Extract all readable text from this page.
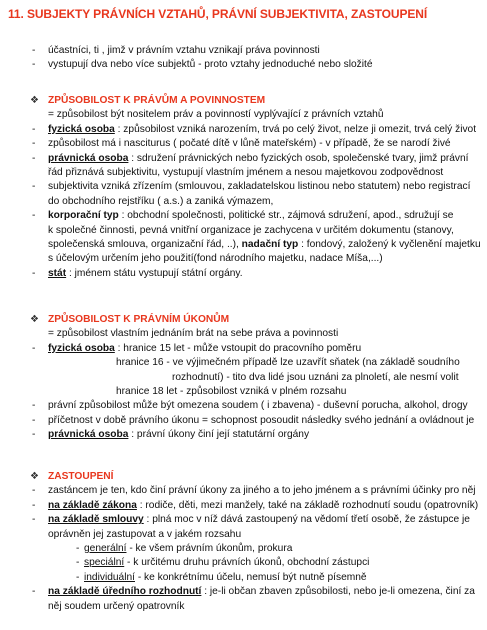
11. SUBJEKTY PRÁVNÍCH VZTAHŮ, PRÁVNÍ SUBJEKTIVITA, ZASTOUPENÍ
- účastníci, ti , jimž v právním vztahu vznikají práva povinnosti
- vystupují dva nebo více subjektů - proto vztahy jednoduché nebo složité
❖ ZPŮSOBILOST K PRÁVŮM A POVINNOSTEM
= způsobilost být nositelem práv a povinností vyplývající z právních vztahů
- fyzická osoba : způsobilost vzniká narozením, trvá po celý život, nelze ji omezit, trvá celý život
- způsobilost má i nasciturus ( počaté dítě v lůně mateřském) - v případě, že se narodí živé
- právnická osoba : sdružení právnických nebo fyzických osob, společenské tvary, jimž právní
řád přiznává subjektivitu, vystupují vlastním jménem a nesou majetkovou zodpovědnost
- subjektivita vzniká zřízením (smlouvou, zakladatelskou listinou nebo statutem) nebo registrací
do obchodního rejstříku ( a.s.) a zaniká výmazem,
- korporační typ : obchodní společnosti, politické str., zájmová sdružení, apod., sdružují se
k společné činnosti, pevná vnitřní organizace je zachycena v určitém dokumentu (stanovy,
společenská smlouva, organizační řád, ..), nadační typ : fondový, založený k vyčlenění majetku
s účelovým určením jeho použití(fond národního majetku, nadace Míša,...)
- stát : jménem státu vystupují státní orgány.
❖ ZPŮSOBILOST K PRÁVNÍM ÚKONŮM
= způsobilost vlastním jednáním brát na sebe práva a povinnosti
- fyzická osoba : hranice 15 let - může vstoupit do pracovního poměru
hranice 16 - ve výjimečném případě lze uzavřít sňatek (na základě soudního
rozhodnutí) - tito dva lidé jsou uznáni za plnoletí, ale nesmí volit
hranice 18 let - způsobilost vzniká v plném rozsahu
- právní způsobilost může být omezena soudem ( i zbavena) - duševní porucha, alkohol, drogy
- příčetnost v době právního úkonu = schopnost posoudit následky svého jednání a ovládnout je
- právnická osoba : právní úkony činí její statutární orgány
❖ ZASTOUPENÍ
- zastáncem je ten, kdo činí právní úkony za jiného a to jeho jménem a s právními účinky pro něj
- na základě zákona : rodiče, děti, mezi manžely, také na základě rozhodnutí soudu (opatrovník)
- na základě smlouvy : plná moc v níž dává zastoupený na vědomí třetí osobě, že zástupce je
oprávněn jej zastupovat a v jakém rozsahu
- generální - ke všem právním úkonům, prokura
- speciální - k určitému druhu právních úkonů, obchodní zástupci
- individuální - ke konkrétnímu účelu, nemusí být nutně písemně
- na základě úředního rozhodnutí : je-li občan zbaven způsobilosti, nebo je-li omezena, činí za
něj soudem určený opatrovník
